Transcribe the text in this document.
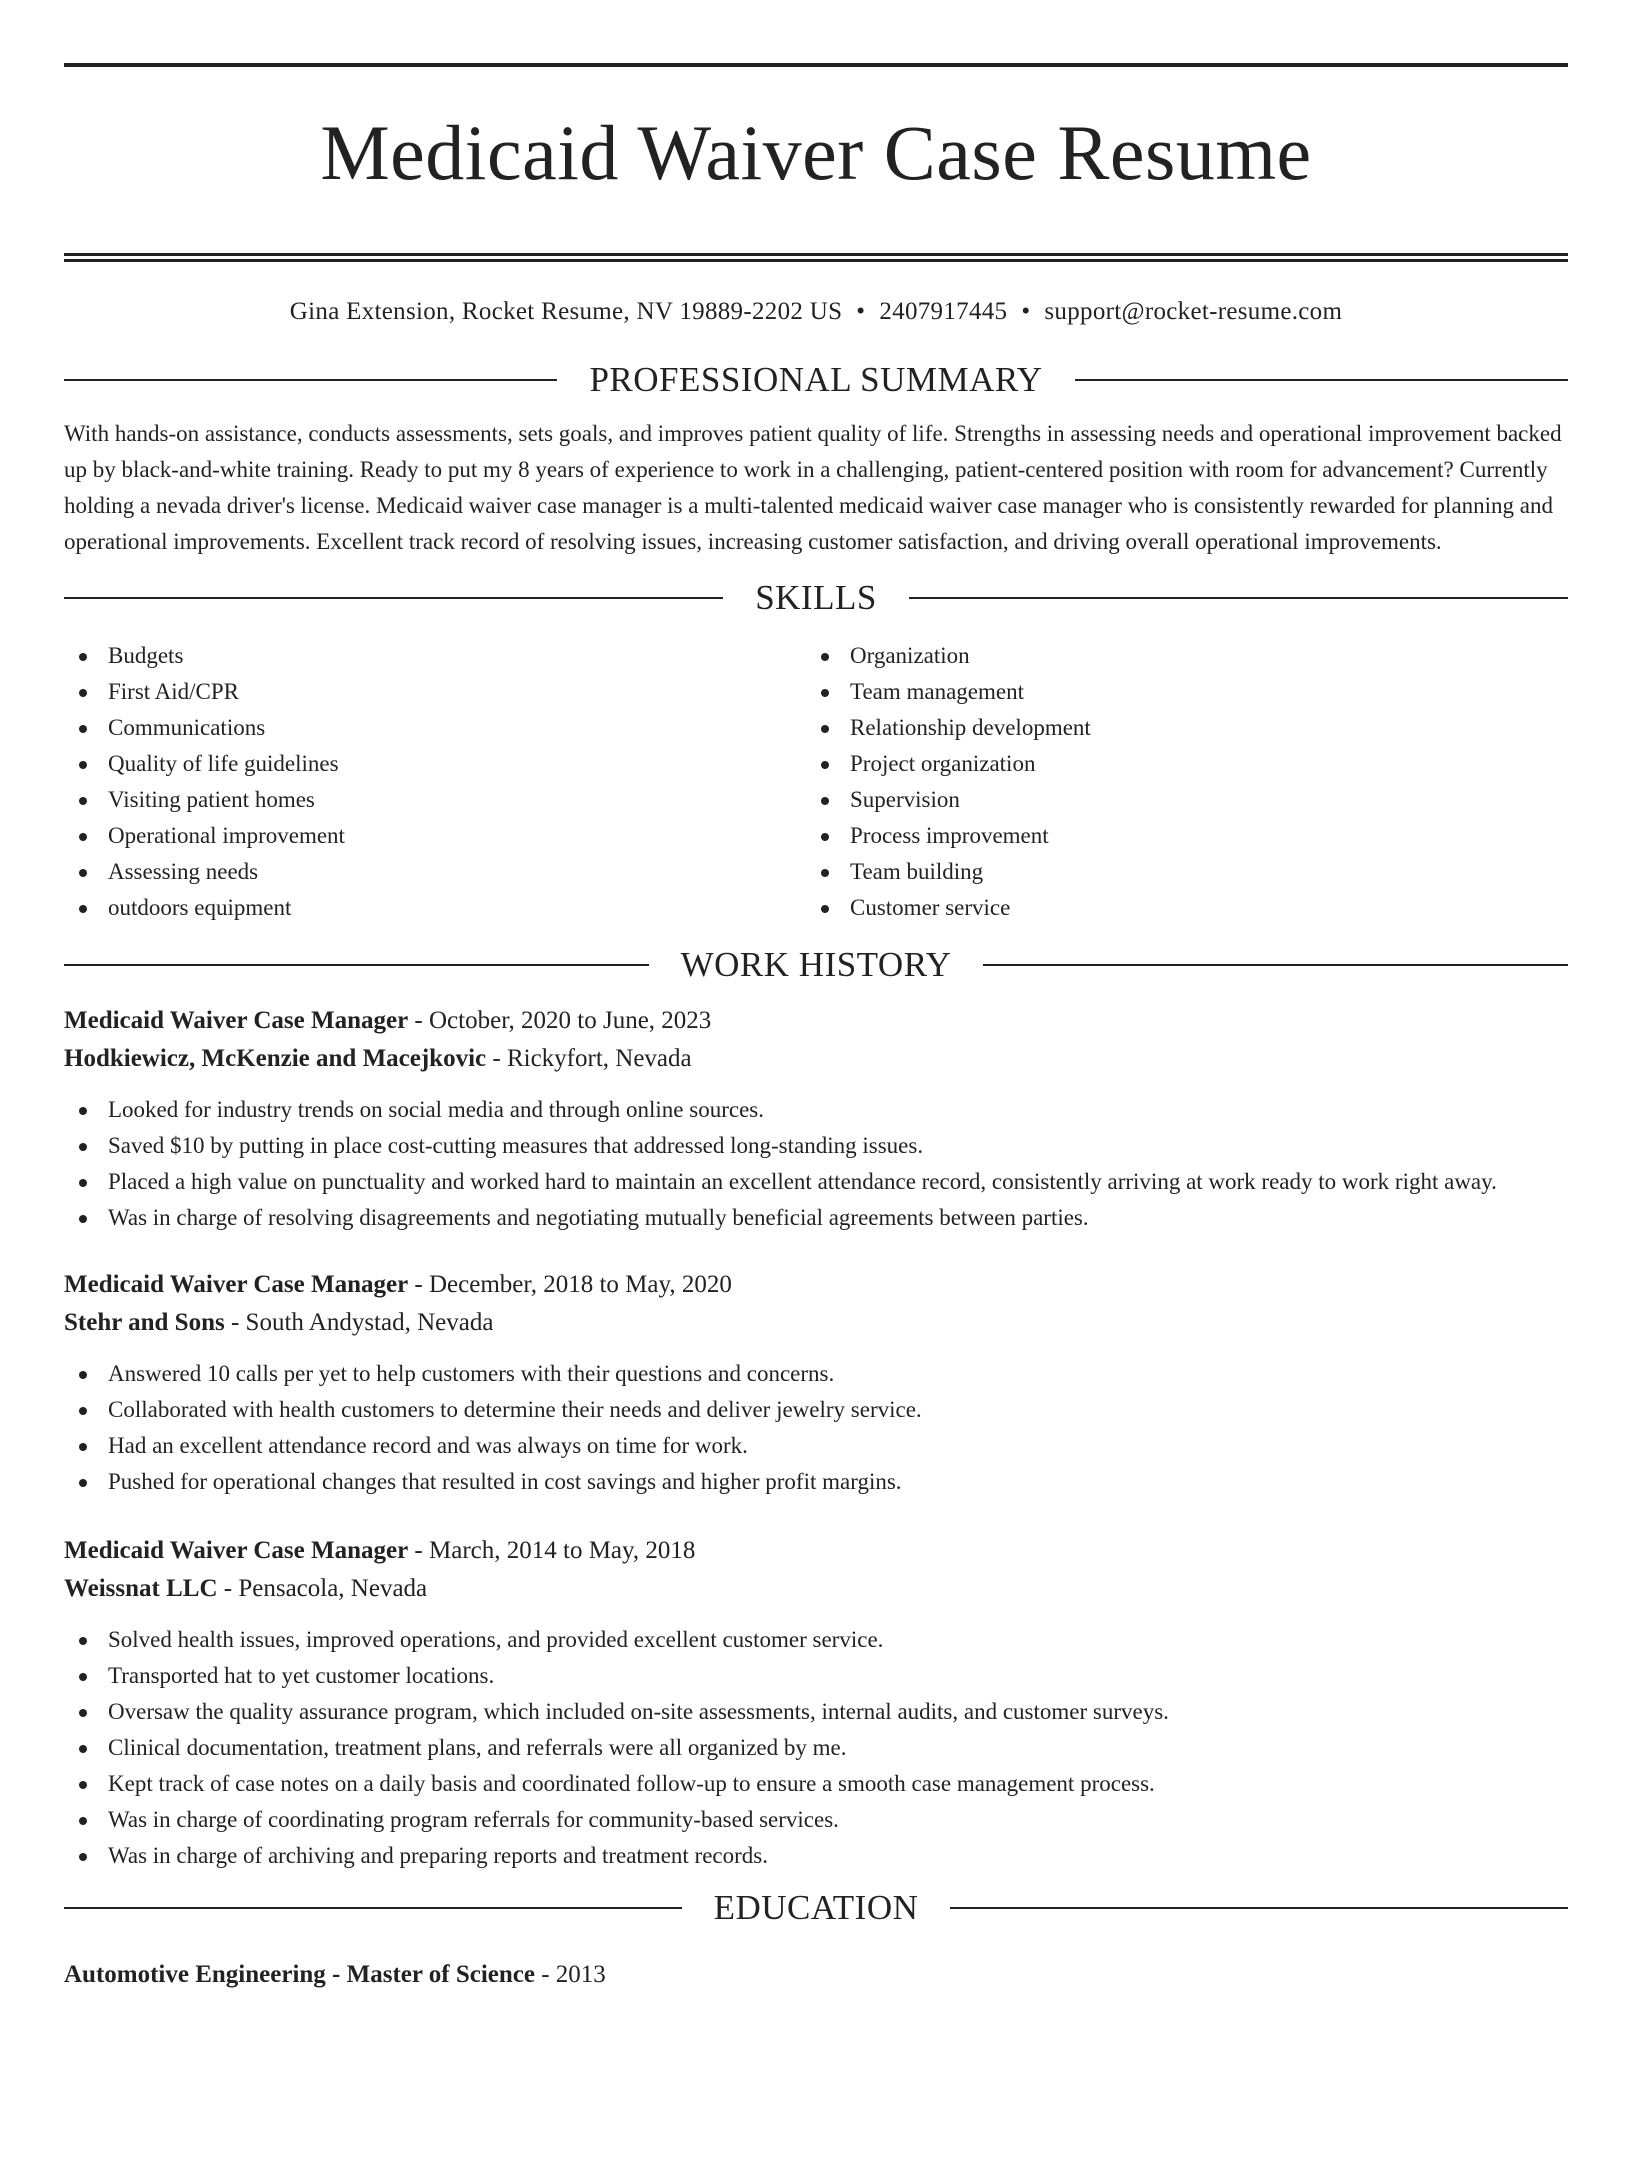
Medicaid Waiver Case Resume
Gina Extension, Rocket Resume, NV 19889-2202 US • 2407917445 • support@rocket-resume.com
PROFESSIONAL SUMMARY

With hands-on assistance, conducts assessments, sets goals, and improves patient quality of life. Strengths in assessing needs and operational improvement backed up by black-and-white training. Ready to put my 8 years of experience to work in a challenging, patient-centered position with room for advancement? Currently holding a nevada driver's license. Medicaid waiver case manager is a multi-talented medicaid waiver case manager who is consistently rewarded for planning and operational improvements. Excellent track record of resolving issues, increasing customer satisfaction, and driving overall operational improvements.

SKILLS
Budgets
First Aid/CPR
Communications
Quality of life guidelines
Visiting patient homes
Operational improvement
Assessing needs
outdoors equipment
Organization
Team management
Relationship development
Project organization
Supervision
Process improvement
Team building
Customer service
WORK HISTORY
Medicaid Waiver Case Manager - October, 2020 to June, 2023
Hodkiewicz, McKenzie and Macejkovic - Rickyfort, Nevada
Looked for industry trends on social media and through online sources.
Saved $10 by putting in place cost-cutting measures that addressed long-standing issues.
Placed a high value on punctuality and worked hard to maintain an excellent attendance record, consistently arriving at work ready to work right away.
Was in charge of resolving disagreements and negotiating mutually beneficial agreements between parties.
Medicaid Waiver Case Manager - December, 2018 to May, 2020
Stehr and Sons - South Andystad, Nevada
Answered 10 calls per yet to help customers with their questions and concerns.
Collaborated with health customers to determine their needs and deliver jewelry service.
Had an excellent attendance record and was always on time for work.
Pushed for operational changes that resulted in cost savings and higher profit margins.
Medicaid Waiver Case Manager - March, 2014 to May, 2018
Weissnat LLC - Pensacola, Nevada
Solved health issues, improved operations, and provided excellent customer service.
Transported hat to yet customer locations.
Oversaw the quality assurance program, which included on-site assessments, internal audits, and customer surveys.
Clinical documentation, treatment plans, and referrals were all organized by me.
Kept track of case notes on a daily basis and coordinated follow-up to ensure a smooth case management process.
Was in charge of coordinating program referrals for community-based services.
Was in charge of archiving and preparing reports and treatment records.
EDUCATION
Automotive Engineering - Master of Science - 2013
